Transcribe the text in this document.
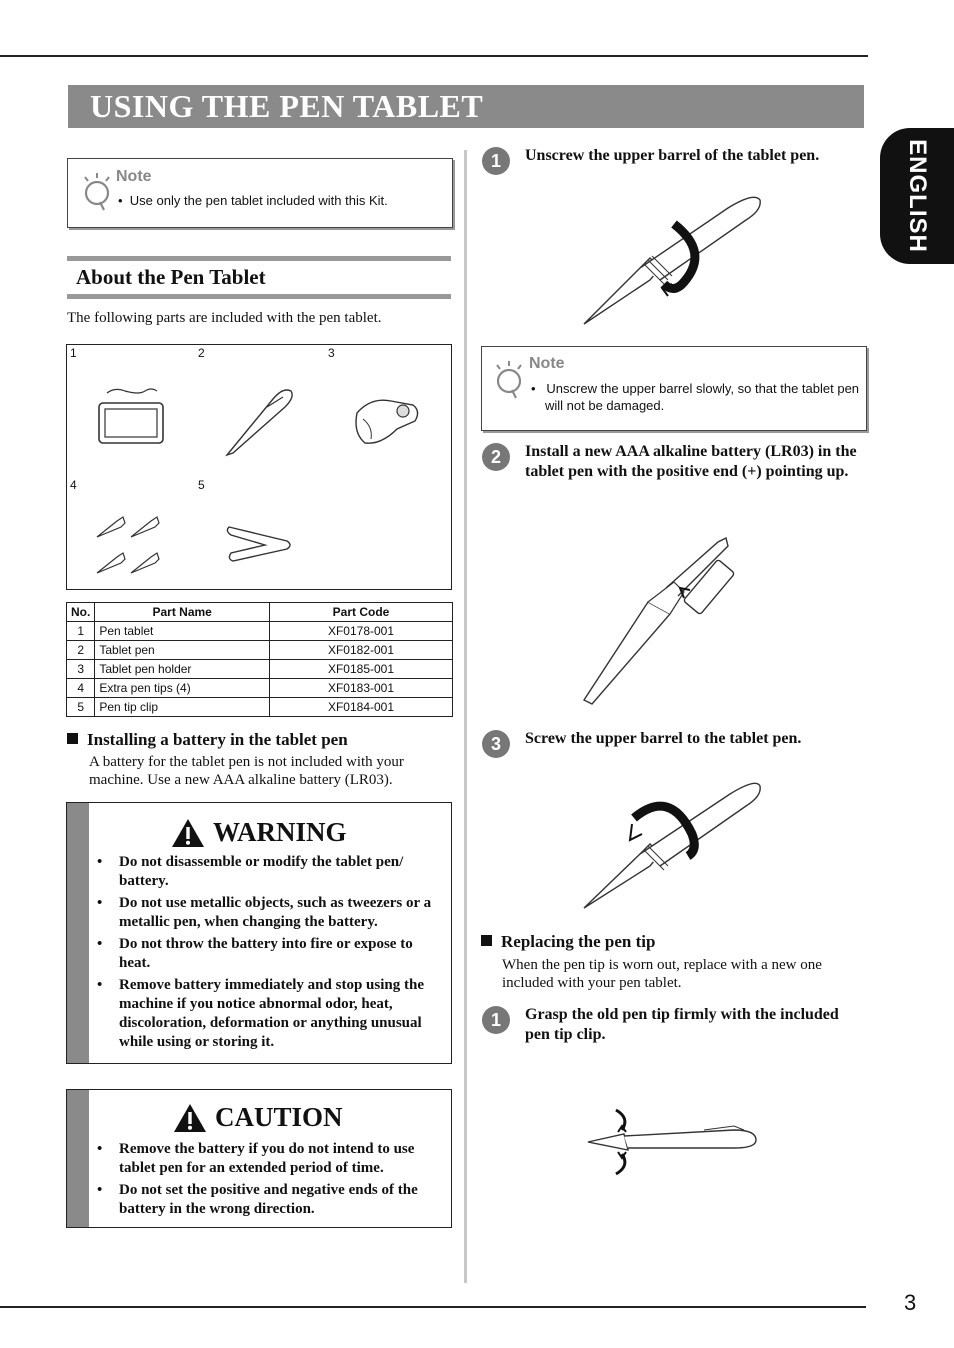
3
ENGLISH
USING THE PEN TABLET
Note
•  Use only the pen tablet included with this Kit.
About the Pen Tablet
The following parts are included with the pen tablet.
1	2	3
4	5
No.	Part Name	Part Code
1	Pen tablet	XF0178-001
2	Tablet pen	XF0182-001
3	Tablet pen holder	XF0185-001
4	Extra pen tips (4)	XF0183-001
5	Pen tip clip	XF0184-001
Installing a battery in the tablet pen
A battery for the tablet pen is not included with your machine. Use a new AAA alkaline battery (LR03).
WARNING
• Do not disassemble or modify the tablet pen/ battery.
• Do not use metallic objects, such as tweezers or a metallic pen, when changing the battery.
• Do not throw the battery into fire or expose to heat.
• Remove battery immediately and stop using the machine if you notice abnormal odor, heat, discoloration, deformation or anything unusual while using or storing it.
CAUTION
• Remove the battery if you do not intend to use tablet pen for an extended period of time.
• Do not set the positive and negative ends of the battery in the wrong direction.
1	Unscrew the upper barrel of the tablet pen.
Note
•   Unscrew the upper barrel slowly, so that the tablet pen will not be damaged.
2	Install a new AAA alkaline battery (LR03) in the tablet pen with the positive end (+) pointing up.
3	Screw the upper barrel to the tablet pen.
Replacing the pen tip
When the pen tip is worn out, replace with a new one included with your pen tablet.
1	Grasp the old pen tip firmly with the included pen tip clip.
